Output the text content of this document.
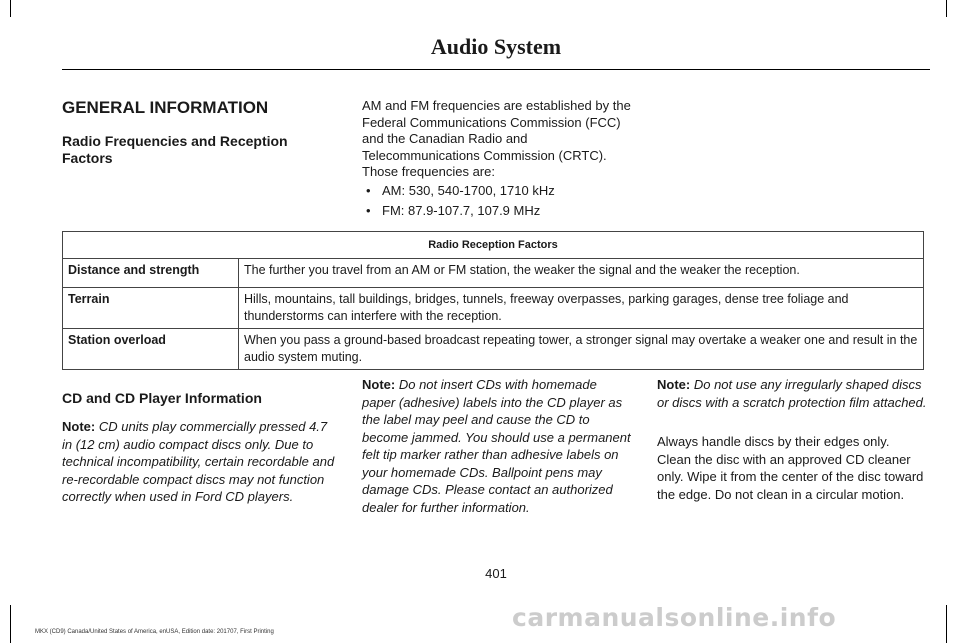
Audio System
GENERAL INFORMATION
Radio Frequencies and Reception Factors
AM and FM frequencies are established by the Federal Communications Commission (FCC) and the Canadian Radio and Telecommunications Commission (CRTC). Those frequencies are:
• AM: 530, 540-1700, 1710 kHz
• FM: 87.9-107.7, 107.9 MHz
Radio Reception Factors	
Distance and strength	The further you travel from an AM or FM station, the weaker the signal and the weaker the reception.
Terrain	Hills, mountains, tall buildings, bridges, tunnels, freeway overpasses, parking garages, dense tree foliage and thunderstorms can interfere with the reception.
Station overload	When you pass a ground-based broadcast repeating tower, a stronger signal may overtake a weaker one and result in the audio system muting.
CD and CD Player Information
Note: CD units play commercially pressed 4.7 in (12 cm) audio compact discs only. Due to technical incompatibility, certain recordable and re-recordable compact discs may not function correctly when used in Ford CD players.
Note: Do not insert CDs with homemade paper (adhesive) labels into the CD player as the label may peel and cause the CD to become jammed. You should use a permanent felt tip marker rather than adhesive labels on your homemade CDs. Ballpoint pens may damage CDs. Please contact an authorized dealer for further information.
Note: Do not use any irregularly shaped discs or discs with a scratch protection film attached.
Always handle discs by their edges only. Clean the disc with an approved CD cleaner only. Wipe it from the center of the disc toward the edge. Do not clean in a circular motion.
401
MKX (CD9) Canada/United States of America, enUSA, Edition date: 201707, First Printing	carmanualsonline.info
